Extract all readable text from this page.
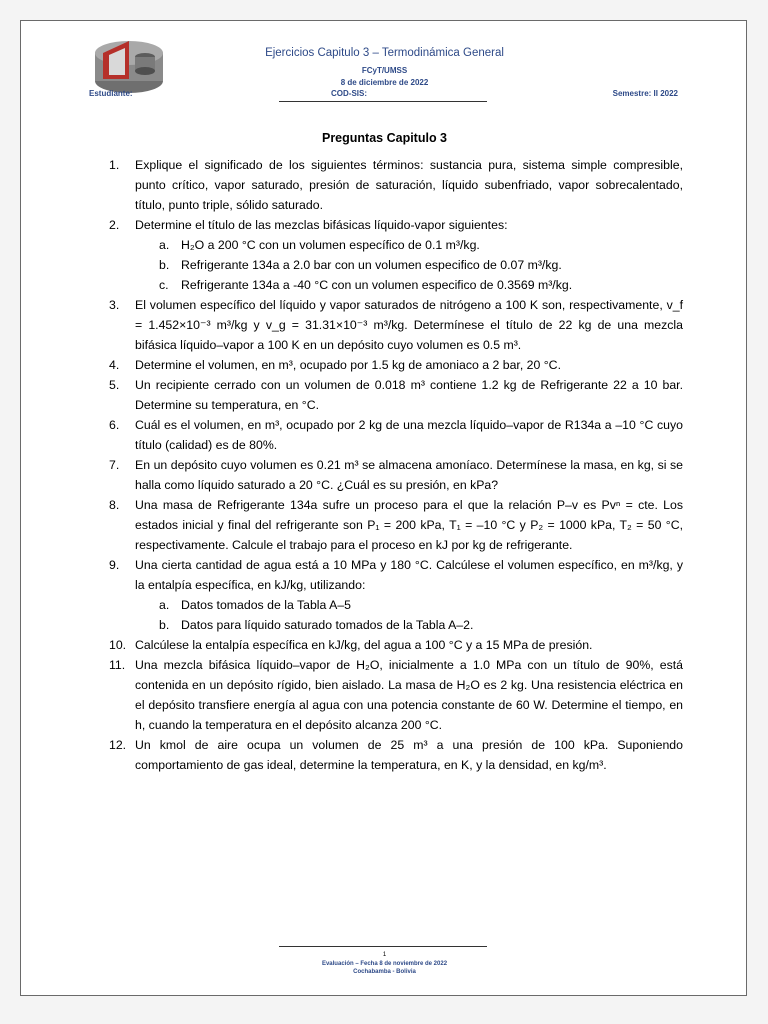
Ejercicios Capitulo 3 – Termodinámica General
FCyT/UMSS
8 de diciembre de 2022
Estudiante:	COD-SIS:	Semestre: II 2022
Preguntas Capitulo 3
1. Explique el significado de los siguientes términos: sustancia pura, sistema simple compresible, punto crítico, vapor saturado, presión de saturación, líquido subenfriado, vapor sobrecalentado, título, punto triple, sólido saturado.
2. Determine el título de las mezclas bifásicas líquido-vapor siguientes:
a. H₂O a 200 °C con un volumen específico de 0.1 m³/kg.
b. Refrigerante 134a a 2.0 bar con un volumen especifico de 0.07 m³/kg.
c. Refrigerante 134a a -40 °C con un volumen especifico de 0.3569 m³/kg.
3. El volumen específico del líquido y vapor saturados de nitrógeno a 100 K son, respectivamente, v_f = 1.452×10⁻³ m³/kg y v_g = 31.31×10⁻³ m³/kg. Determínese el título de 22 kg de una mezcla bifásica líquido–vapor a 100 K en un depósito cuyo volumen es 0.5 m³.
4. Determine el volumen, en m³, ocupado por 1.5 kg de amoniaco a 2 bar, 20 °C.
5. Un recipiente cerrado con un volumen de 0.018 m³ contiene 1.2 kg de Refrigerante 22 a 10 bar. Determine su temperatura, en °C.
6. Cuál es el volumen, en m³, ocupado por 2 kg de una mezcla líquido–vapor de R134a a –10 °C cuyo título (calidad) es de 80%.
7. En un depósito cuyo volumen es 0.21 m³ se almacena amoníaco. Determínese la masa, en kg, si se halla como líquido saturado a 20 °C. ¿Cuál es su presión, en kPa?
8. Una masa de Refrigerante 134a sufre un proceso para el que la relación P–v es Pvⁿ = cte. Los estados inicial y final del refrigerante son P₁ = 200 kPa, T₁ = –10 °C y P₂ = 1000 kPa, T₂ = 50 °C, respectivamente. Calcule el trabajo para el proceso en kJ por kg de refrigerante.
9. Una cierta cantidad de agua está a 10 MPa y 180 °C. Calcúlese el volumen específico, en m³/kg, y la entalpía específica, en kJ/kg, utilizando:
a. Datos tomados de la Tabla A–5
b. Datos para líquido saturado tomados de la Tabla A–2.
10. Calcúlese la entalpía específica en kJ/kg, del agua a 100 °C y a 15 MPa de presión.
11. Una mezcla bifásica líquido–vapor de H₂O, inicialmente a 1.0 MPa con un título de 90%, está contenida en un depósito rígido, bien aislado. La masa de H₂O es 2 kg. Una resistencia eléctrica en el depósito transfiere energía al agua con una potencia constante de 60 W. Determine el tiempo, en h, cuando la temperatura en el depósito alcanza 200 °C.
12. Un kmol de aire ocupa un volumen de 25 m³ a una presión de 100 kPa. Suponiendo comportamiento de gas ideal, determine la temperatura, en K, y la densidad, en kg/m³.
1
Evaluación – Fecha 8 de noviembre de 2022
Cochabamba - Bolivia
